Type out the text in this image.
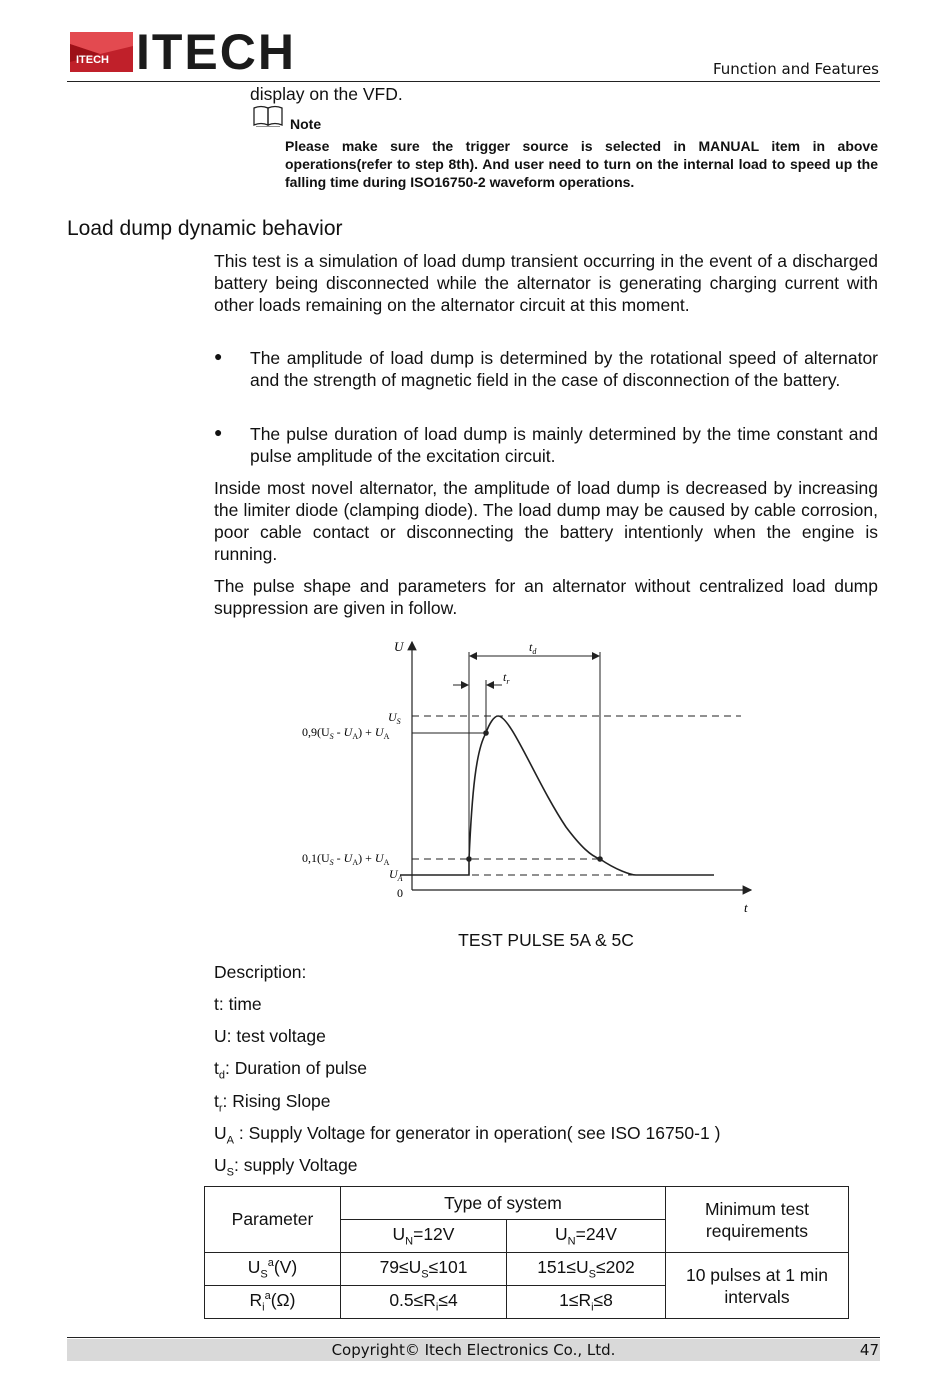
ITECH ITECH	Function and Features
display on the VFD.
Note
Please make sure the trigger source is selected in MANUAL item in above operations(refer to step 8th). And user need to turn on the internal load to speed up the falling time during ISO16750-2 waveform operations.
Load dump dynamic behavior
This test is a simulation of load dump transient occurring in the event of a discharged battery being disconnected while the alternator is generating charging current with other loads remaining on the alternator circuit at this moment.
● The amplitude of load dump is determined by the rotational speed of alternator and the strength of magnetic field in the case of disconnection of the battery.
● The pulse duration of load dump is mainly determined by the time constant and pulse amplitude of the excitation circuit.
Inside most novel alternator, the amplitude of load dump is decreased by increasing the limiter diode (clamping diode). The load dump may be caused by cable corrosion, poor cable contact or disconnecting the battery intentionly when the engine is running.
The pulse shape and parameters for an alternator without centralized load dump suppression are given in follow.
U
t
$t_d$
$t_r$
$U_S$
$0,9(U_S - U_A) + U_A$
$0,1(U_S - U_A) + U_A$
$U_A$
0
TEST PULSE 5A & 5C
Description:
t: time
U: test voltage
$t_d$: Duration of pulse
$t_r$: Rising Slope
$U_A$ : Supply Voltage for generator in operation( see ISO 16750-1 )
$U_S$: supply Voltage
Parameter	Type of system		Minimum test requirements
	$U_N=12V$	$U_N=24V$	
$U_S^a(V)$	$79\le U_S\le 101$	$151\le U_S\le 202$	10 pulses at 1 min intervals
$R_i^a(\Omega)$	$0.5\le R_i\le 4$	$1\le R_i\le 8$	
Copyright© Itech Electronics Co., Ltd.	47
